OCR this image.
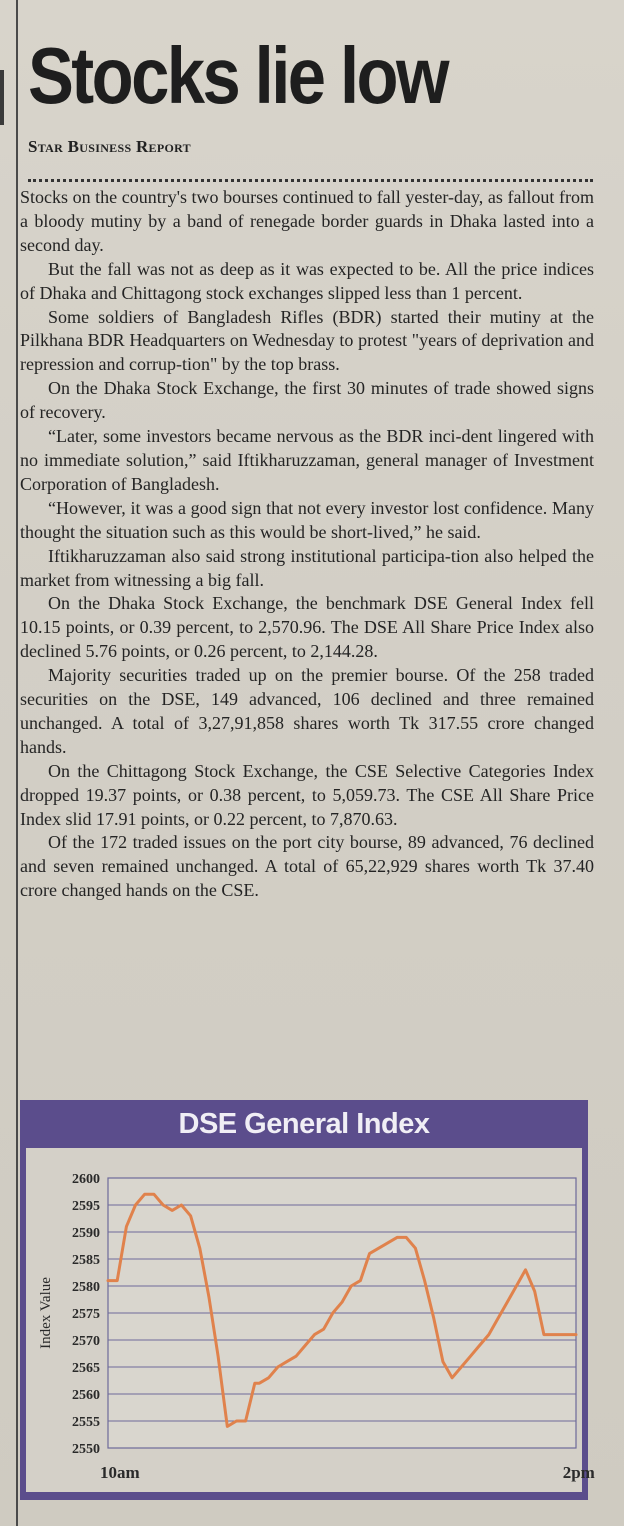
Stocks lie low
Star Business Report

Stocks on the country's two bourses continued to fall yester-day, as fallout from a bloody mutiny by a band of renegade border guards in Dhaka lasted into a second day.

But the fall was not as deep as it was expected to be. All the price indices of Dhaka and Chittagong stock exchanges slipped less than 1 percent.

Some soldiers of Bangladesh Rifles (BDR) started their mutiny at the Pilkhana BDR Headquarters on Wednesday to protest "years of deprivation and repression and corrup-tion" by the top brass.

On the Dhaka Stock Exchange, the first 30 minutes of trade showed signs of recovery.

“Later, some investors became nervous as the BDR inci-dent lingered with no immediate solution,” said Iftikharuzzaman, general manager of Investment Corporation of Bangladesh.

“However, it was a good sign that not every investor lost confidence. Many thought the situation such as this would be short-lived,” he said.

Iftikharuzzaman also said strong institutional participa-tion also helped the market from witnessing a big fall.

On the Dhaka Stock Exchange, the benchmark DSE General Index fell 10.15 points, or 0.39 percent, to 2,570.96. The DSE All Share Price Index also declined 5.76 points, or 0.26 percent, to 2,144.28.

Majority securities traded up on the premier bourse. Of the 258 traded securities on the DSE, 149 advanced, 106 declined and three remained unchanged. A total of 3,27,91,858 shares worth Tk 317.55 crore changed hands.

On the Chittagong Stock Exchange, the CSE Selective Categories Index dropped 19.37 points, or 0.38 percent, to 5,059.73. The CSE All Share Price Index slid 17.91 points, or 0.22 percent, to 7,870.63.

Of the 172 traded issues on the port city bourse, 89 advanced, 76 declined and seven remained unchanged. A total of 65,22,929 shares worth Tk 37.40 crore changed hands on the CSE.

DSE General Index
2600
2595
2590
2585
2580
2575
2570
2565
2560
2555
2550
Index Value
10am	2pm
